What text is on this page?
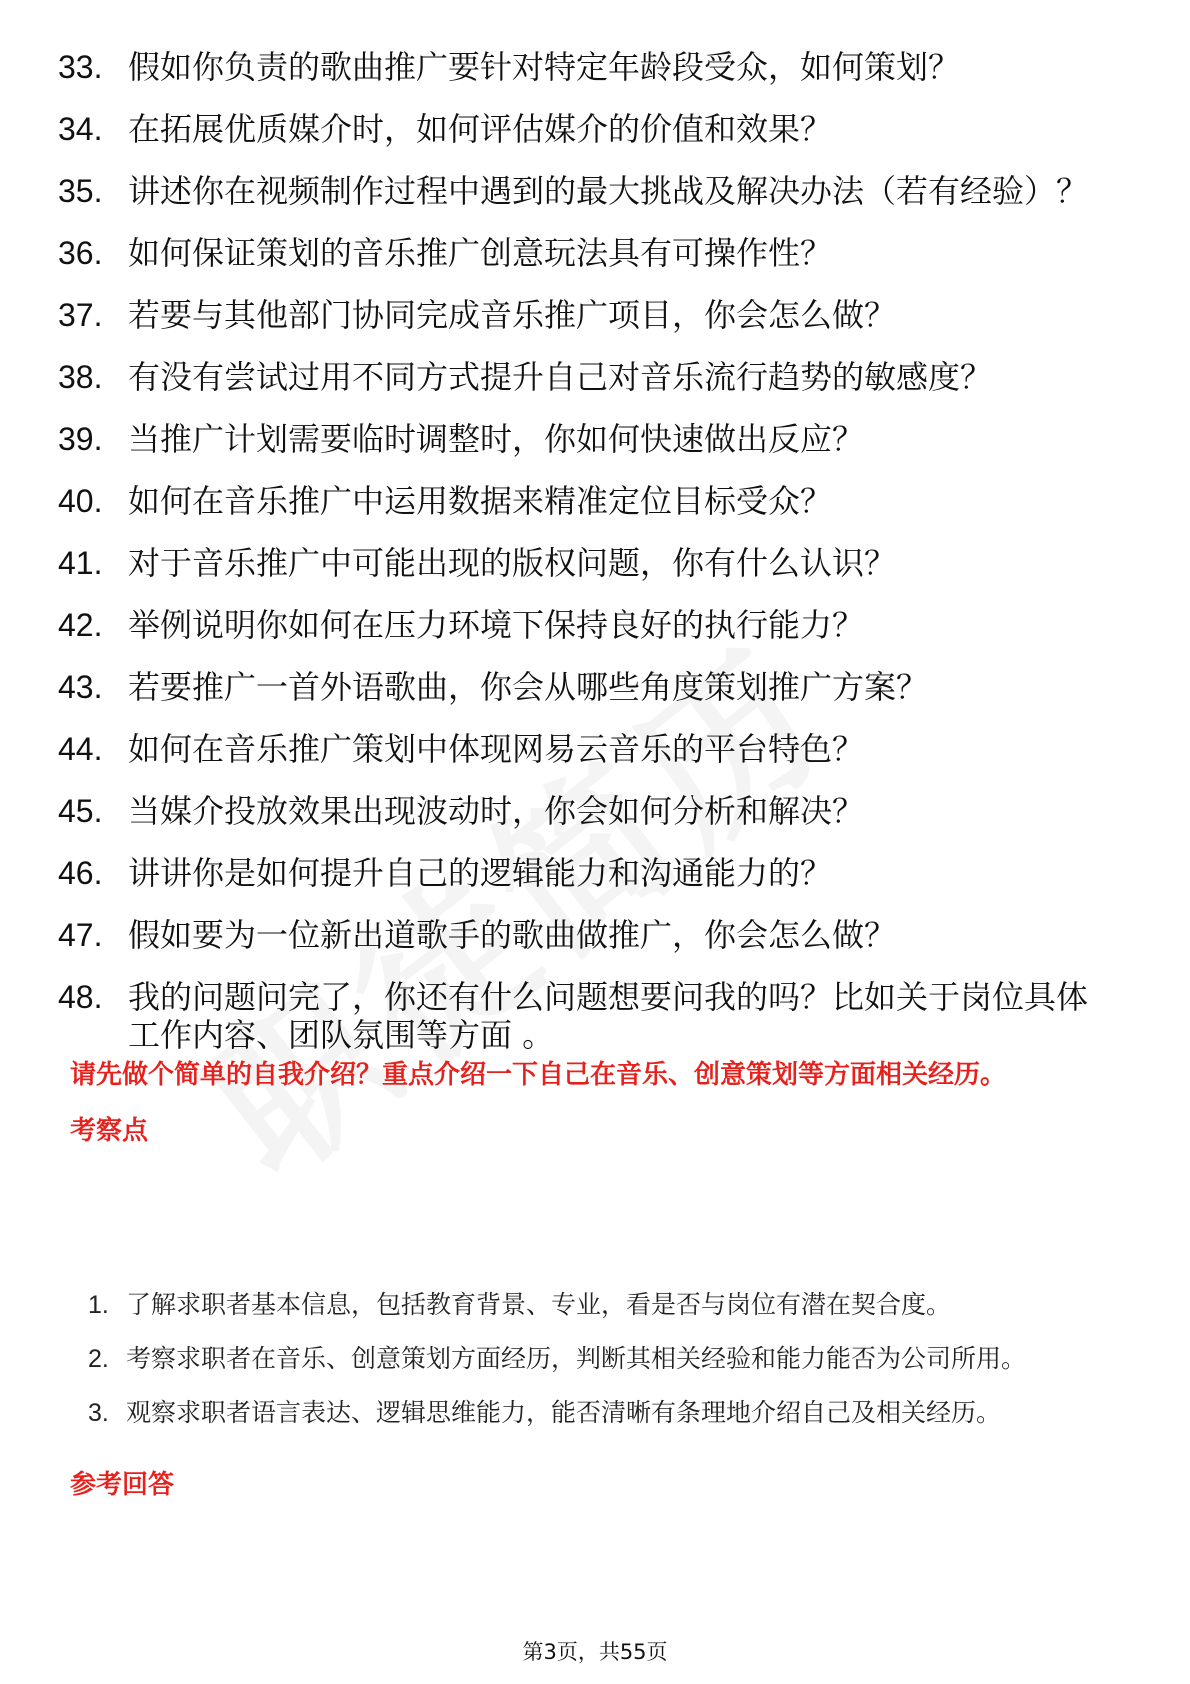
33. 假如你负责的歌曲推广要针对特定年龄段受众，如何策划？
34. 在拓展优质媒介时，如何评估媒介的价值和效果？
35. 讲述你在视频制作过程中遇到的最大挑战及解决办法（若有经验）？
36. 如何保证策划的音乐推广创意玩法具有可操作性？
37. 若要与其他部门协同完成音乐推广项目，你会怎么做？
38. 有没有尝试过用不同方式提升自己对音乐流行趋势的敏感度？
39. 当推广计划需要临时调整时，你如何快速做出反应？
40. 如何在音乐推广中运用数据来精准定位目标受众？
41. 对于音乐推广中可能出现的版权问题，你有什么认识？
42. 举例说明你如何在压力环境下保持良好的执行能力？
43. 若要推广一首外语歌曲，你会从哪些角度策划推广方案？
44. 如何在音乐推广策划中体现网易云音乐的平台特色？
45. 当媒介投放效果出现波动时，你会如何分析和解决？
46. 讲讲你是如何提升自己的逻辑能力和沟通能力的？
47. 假如要为一位新出道歌手的歌曲做推广，你会怎么做？
48. 我的问题问完了，你还有什么问题想要问我的吗？比如关于岗位具体工作内容、团队氛围等方面 。
请先做个简单的自我介绍？重点介绍一下自己在音乐、创意策划等方面相关经历。
考察点
1. 了解求职者基本信息，包括教育背景、专业，看是否与岗位有潜在契合度。
2. 考察求职者在音乐、创意策划方面经历，判断其相关经验和能力能否为公司所用。
3. 观察求职者语言表达、逻辑思维能力，能否清晰有条理地介绍自己及相关经历。
参考回答
第3页，共55页
